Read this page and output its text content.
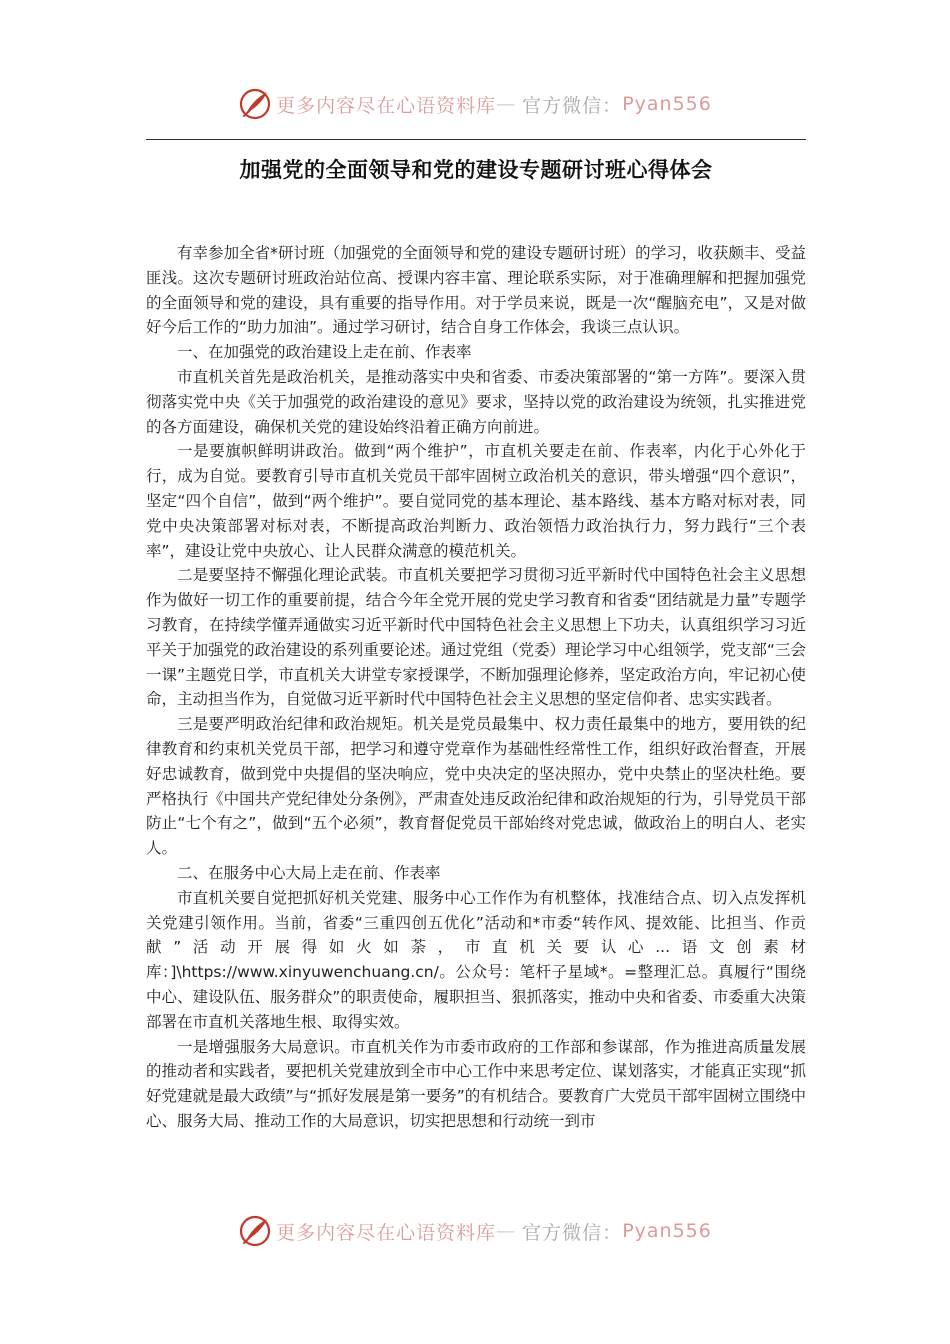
更多内容尽在心语资料库 — 官方微信： Pyan556
加强党的全面领导和党的建设专题研讨班心得体会

有幸参加全省*研讨班（加强党的全面领导和党的建设专题研讨班）的学习，收获颇丰、受益匪浅。这次专题研讨班政治站位高、授课内容丰富、理论联系实际，对于准确理解和把握加强党的全面领导和党的建设，具有重要的指导作用。对于学员来说，既是一次“醒脑充电”，又是对做好今后工作的“助力加油”。通过学习研讨，结合自身工作体会，我谈三点认识。

一、在加强党的政治建设上走在前、作表率

市直机关首先是政治机关，是推动落实中央和省委、市委决策部署的“第一方阵”。要深入贯彻落实党中央《关于加强党的政治建设的意见》要求，坚持以党的政治建设为统领，扎实推进党的各方面建设，确保机关党的建设始终沿着正确方向前进。

一是要旗帜鲜明讲政治。做到“两个维护”，市直机关要走在前、作表率，内化于心外化于行，成为自觉。要教育引导市直机关党员干部牢固树立政治机关的意识，带头增强“四个意识”，坚定“四个自信”，做到“两个维护”。要自觉同党的基本理论、基本路线、基本方略对标对表，同党中央决策部署对标对表，不断提高政治判断力、政治领悟力政治执行力，努力践行“三个表率”，建设让党中央放心、让人民群众满意的模范机关。

二是要坚持不懈强化理论武装。市直机关要把学习贯彻习近平新时代中国特色社会主义思想作为做好一切工作的重要前提，结合今年全党开展的党史学习教育和省委“团结就是力量”专题学习教育，在持续学懂弄通做实习近平新时代中国特色社会主义思想上下功夫，认真组织学习习近平关于加强党的政治建设的系列重要论述。通过党组（党委）理论学习中心组领学，党支部“三会一课”主题党日学，市直机关大讲堂专家授课学，不断加强理论修养，坚定政治方向，牢记初心使命，主动担当作为，自觉做习近平新时代中国特色社会主义思想的坚定信仰者、忠实实践者。

三是要严明政治纪律和政治规矩。机关是党员最集中、权力责任最集中的地方，要用铁的纪律教育和约束机关党员干部，把学习和遵守党章作为基础性经常性工作，组织好政治督查，开展好忠诚教育，做到党中央提倡的坚决响应，党中央决定的坚决照办，党中央禁止的坚决杜绝。要严格执行《中国共产党纪律处分条例》，严肃查处违反政治纪律和政治规矩的行为，引导党员干部防止“七个有之”，做到“五个必须”，教育督促党员干部始终对党忠诚，做政治上的明白人、老实人。

二、在服务中心大局上走在前、作表率

市直机关要自觉把抓好机关党建、服务中心工作作为有机整体，找准结合点、切入点发挥机关党建引领作用。当前，省委“三重四创五优化”活动和*市委“转作风、提效能、比担当、作贡献”活动开展得如火如荼，市直机关要认心...语文创素材库：]\https://www.xinyuwenchuang.cn/。公众号：笔杆子星域*。=整理汇总。真履行“围绕中心、建设队伍、服务群众”的职责使命，履职担当、狠抓落实，推动中央和省委、市委重大决策部署在市直机关落地生根、取得实效。

一是增强服务大局意识。市直机关作为市委市政府的工作部和参谋部，作为推进高质量发展的推动者和实践者，要把机关党建放到全市中心工作中来思考定位、谋划落实，才能真正实现“抓好党建就是最大政绩”与“抓好发展是第一要务”的有机结合。要教育广大党员干部牢固树立围绕中心、服务大局、推动工作的大局意识，切实把思想和行动统一到市

更多内容尽在心语资料库 — 官方微信： Pyan556
